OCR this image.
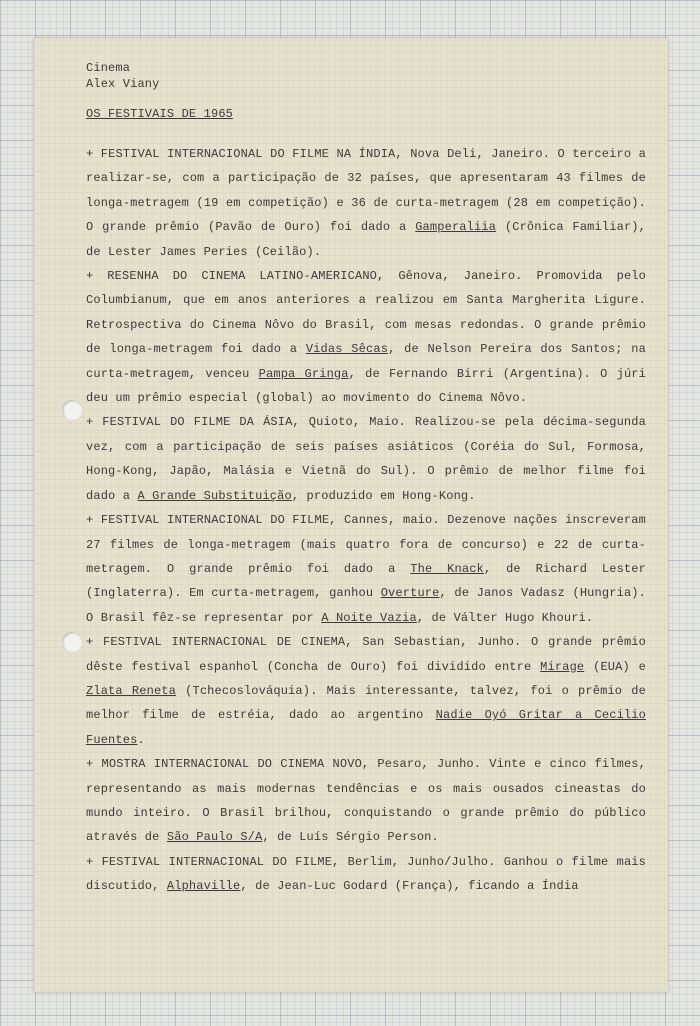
Cinema
Alex Viany
OS FESTIVAIS DE 1965
+ FESTIVAL INTERNACIONAL DO FILME NA ÍNDIA, Nova Deli, Janeiro. O terceiro a realizar-se, com a participação de 32 países, que apresentaram 43 filmes de longa-metragem (19 em competição) e 36 de curta-metragem (28 em competição). O grande prêmio (Pavão de Ouro) foi dado a Gamperaliia (Crônica Familiar), de Lester James Peries (Ceilão).
+ RESENHA DO CINEMA LATINO-AMERICANO, Gênova, Janeiro. Promovida pelo Columbianum, que em anos anteriores a realizou em Santa Margherita Ligure. Retrospectiva do Cinema Nôvo do Brasil, com mesas redondas. O grande prêmio de longa-metragem foi dado a Vidas Sêcas, de Nelson Pereira dos Santos; na curta-metragem, venceu Pampa Gringa, de Fernando Birri (Argentina). O júri deu um prêmio especial (global) ao movimento do Cinema Nôvo.
+ FESTIVAL DO FILME DA ÁSIA, Quioto, Maio. Realizou-se pela décima-segunda vez, com a participação de seis países asiáticos (Coréia do Sul, Formosa, Hong-Kong, Japão, Malásia e Vietnã do Sul). O prêmio de melhor filme foi dado a A Grande Substituição, produzido em Hong-Kong.
+ FESTIVAL INTERNACIONAL DO FILME, Cannes, maio. Dezenove nações inscreveram 27 filmes de longa-metragem (mais quatro fora de concurso) e 22 de curta-metragem. O grande prêmio foi dado a The Knack, de Richard Lester (Inglaterra). Em curta-metragem, ganhou Overture, de Janos Vadasz (Hungria). O Brasil fêz-se representar por A Noite Vazia, de Válter Hugo Khouri.
+ FESTIVAL INTERNACIONAL DE CINEMA, San Sebastian, Junho. O grande prêmio dêste festival espanhol (Concha de Ouro) foi dividido entre Mirage (EUA) e Zlata Reneta (Tchecoslováquia). Mais interessante, talvez, foi o prêmio de melhor filme de estréia, dado ao argentino Nadie Oyó Gritar a Cecilio Fuentes.
+ MOSTRA INTERNACIONAL DO CINEMA NOVO, Pesaro, Junho. Vinte e cinco filmes, representando as mais modernas tendências e os mais ousados cineastas do mundo inteiro. O Brasil brilhou, conquistando o grande prêmio do público através de São Paulo S/A, de Luís Sérgio Person.
+ FESTIVAL INTERNACIONAL DO FILME, Berlim, Junho/Julho. Ganhou o filme mais discutido, Alphaville, de Jean-Luc Godard (França), ficando a Índia
